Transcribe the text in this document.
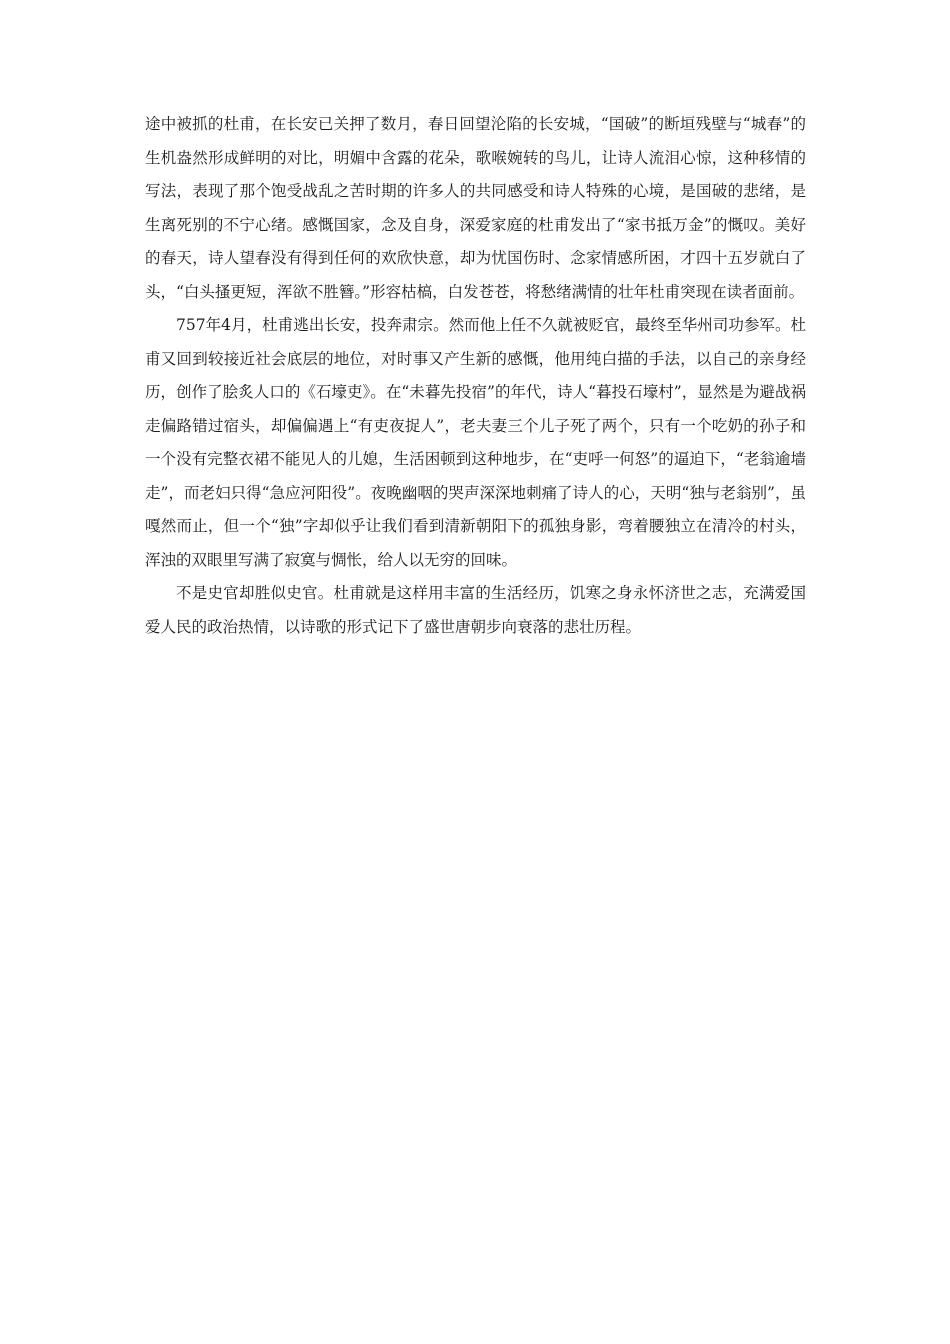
途中被抓的杜甫，在长安已关押了数月，春日回望沦陷的长安城，“国破”的断垣残壁与“城春”的生机盎然形成鲜明的对比，明媚中含露的花朵，歌喉婉转的鸟儿，让诗人流泪心惊，这种移情的写法，表现了那个饱受战乱之苦时期的许多人的共同感受和诗人特殊的心境，是国破的悲绪，是生离死别的不宁心绪。感慨国家，念及自身，深爱家庭的杜甫发出了“家书抵万金”的慨叹。美好的春天，诗人望春没有得到任何的欢欣快意，却为忧国伤时、念家情感所困，才四十五岁就白了头，“白头搔更短，浑欲不胜簪。”形容枯槁，白发苍苍，将愁绪满情的壮年杜甫突现在读者面前。

757年4月，杜甫逃出长安，投奔肃宗。然而他上任不久就被贬官，最终至华州司功参军。杜甫又回到较接近社会底层的地位，对时事又产生新的感慨，他用纯白描的手法，以自己的亲身经历，创作了脍炙人口的《石壕吏》。在“未暮先投宿”的年代，诗人“暮投石壕村”，显然是为避战祸走偏路错过宿头，却偏偏遇上“有吏夜捉人”，老夫妻三个儿子死了两个，只有一个吃奶的孙子和一个没有完整衣裙不能见人的儿媳，生活困顿到这种地步，在“吏呼一何怒”的逼迫下，“老翁逾墙走”，而老妇只得“急应河阳役”。夜晚幽咽的哭声深深地刺痛了诗人的心，天明“独与老翁别”，虽嘎然而止，但一个“独”字却似乎让我们看到清新朝阳下的孤独身影，弯着腰独立在清冷的村头，浑浊的双眼里写满了寂寞与惆怅，给人以无穷的回味。

不是史官却胜似史官。杜甫就是这样用丰富的生活经历，饥寒之身永怀济世之志，充满爱国爱人民的政治热情，以诗歌的形式记下了盛世唐朝步向衰落的悲壮历程。
